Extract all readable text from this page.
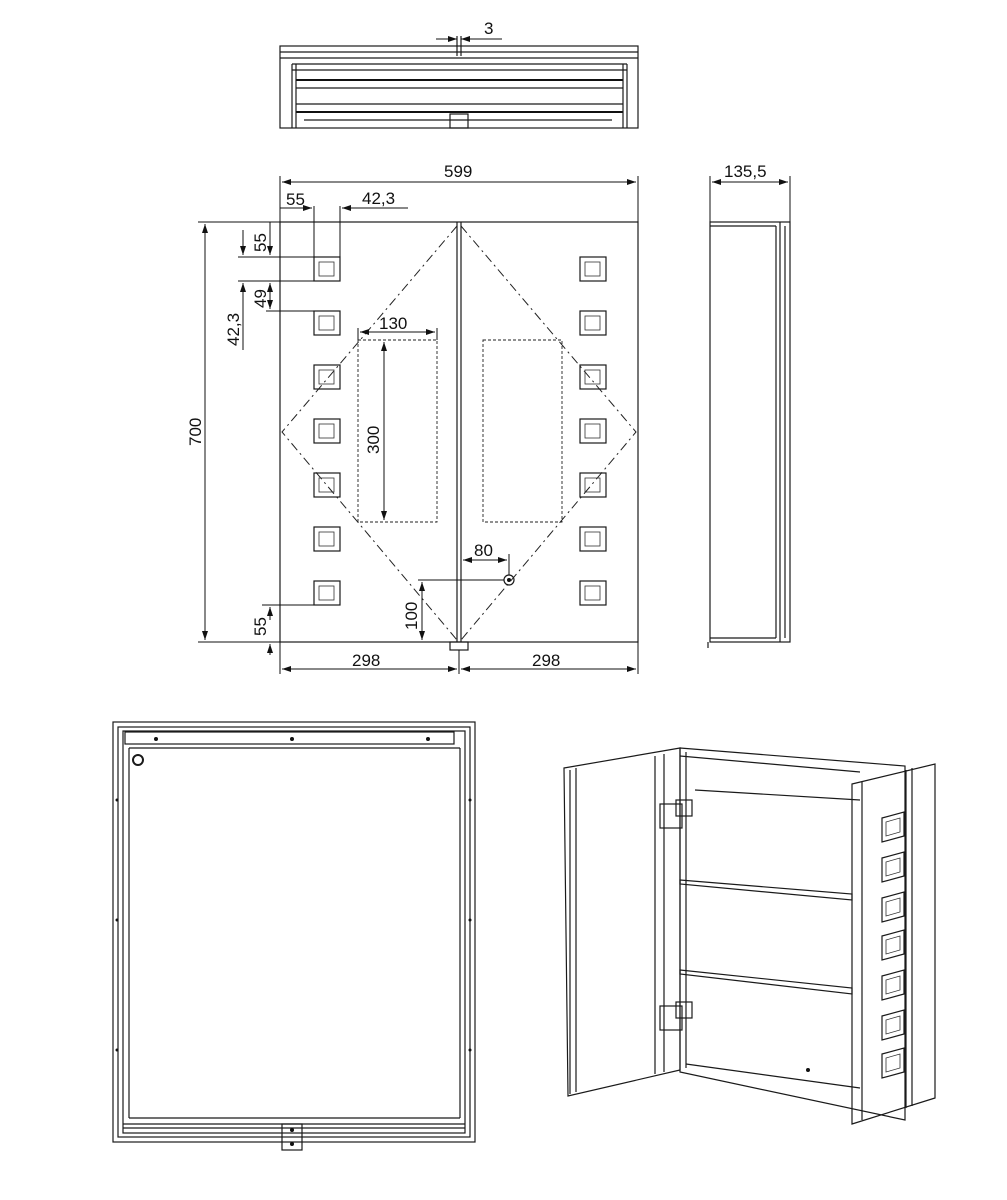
3
599
55	42,3
55
49
42,3	130
300
700
80
100
55
298	298
135,5
